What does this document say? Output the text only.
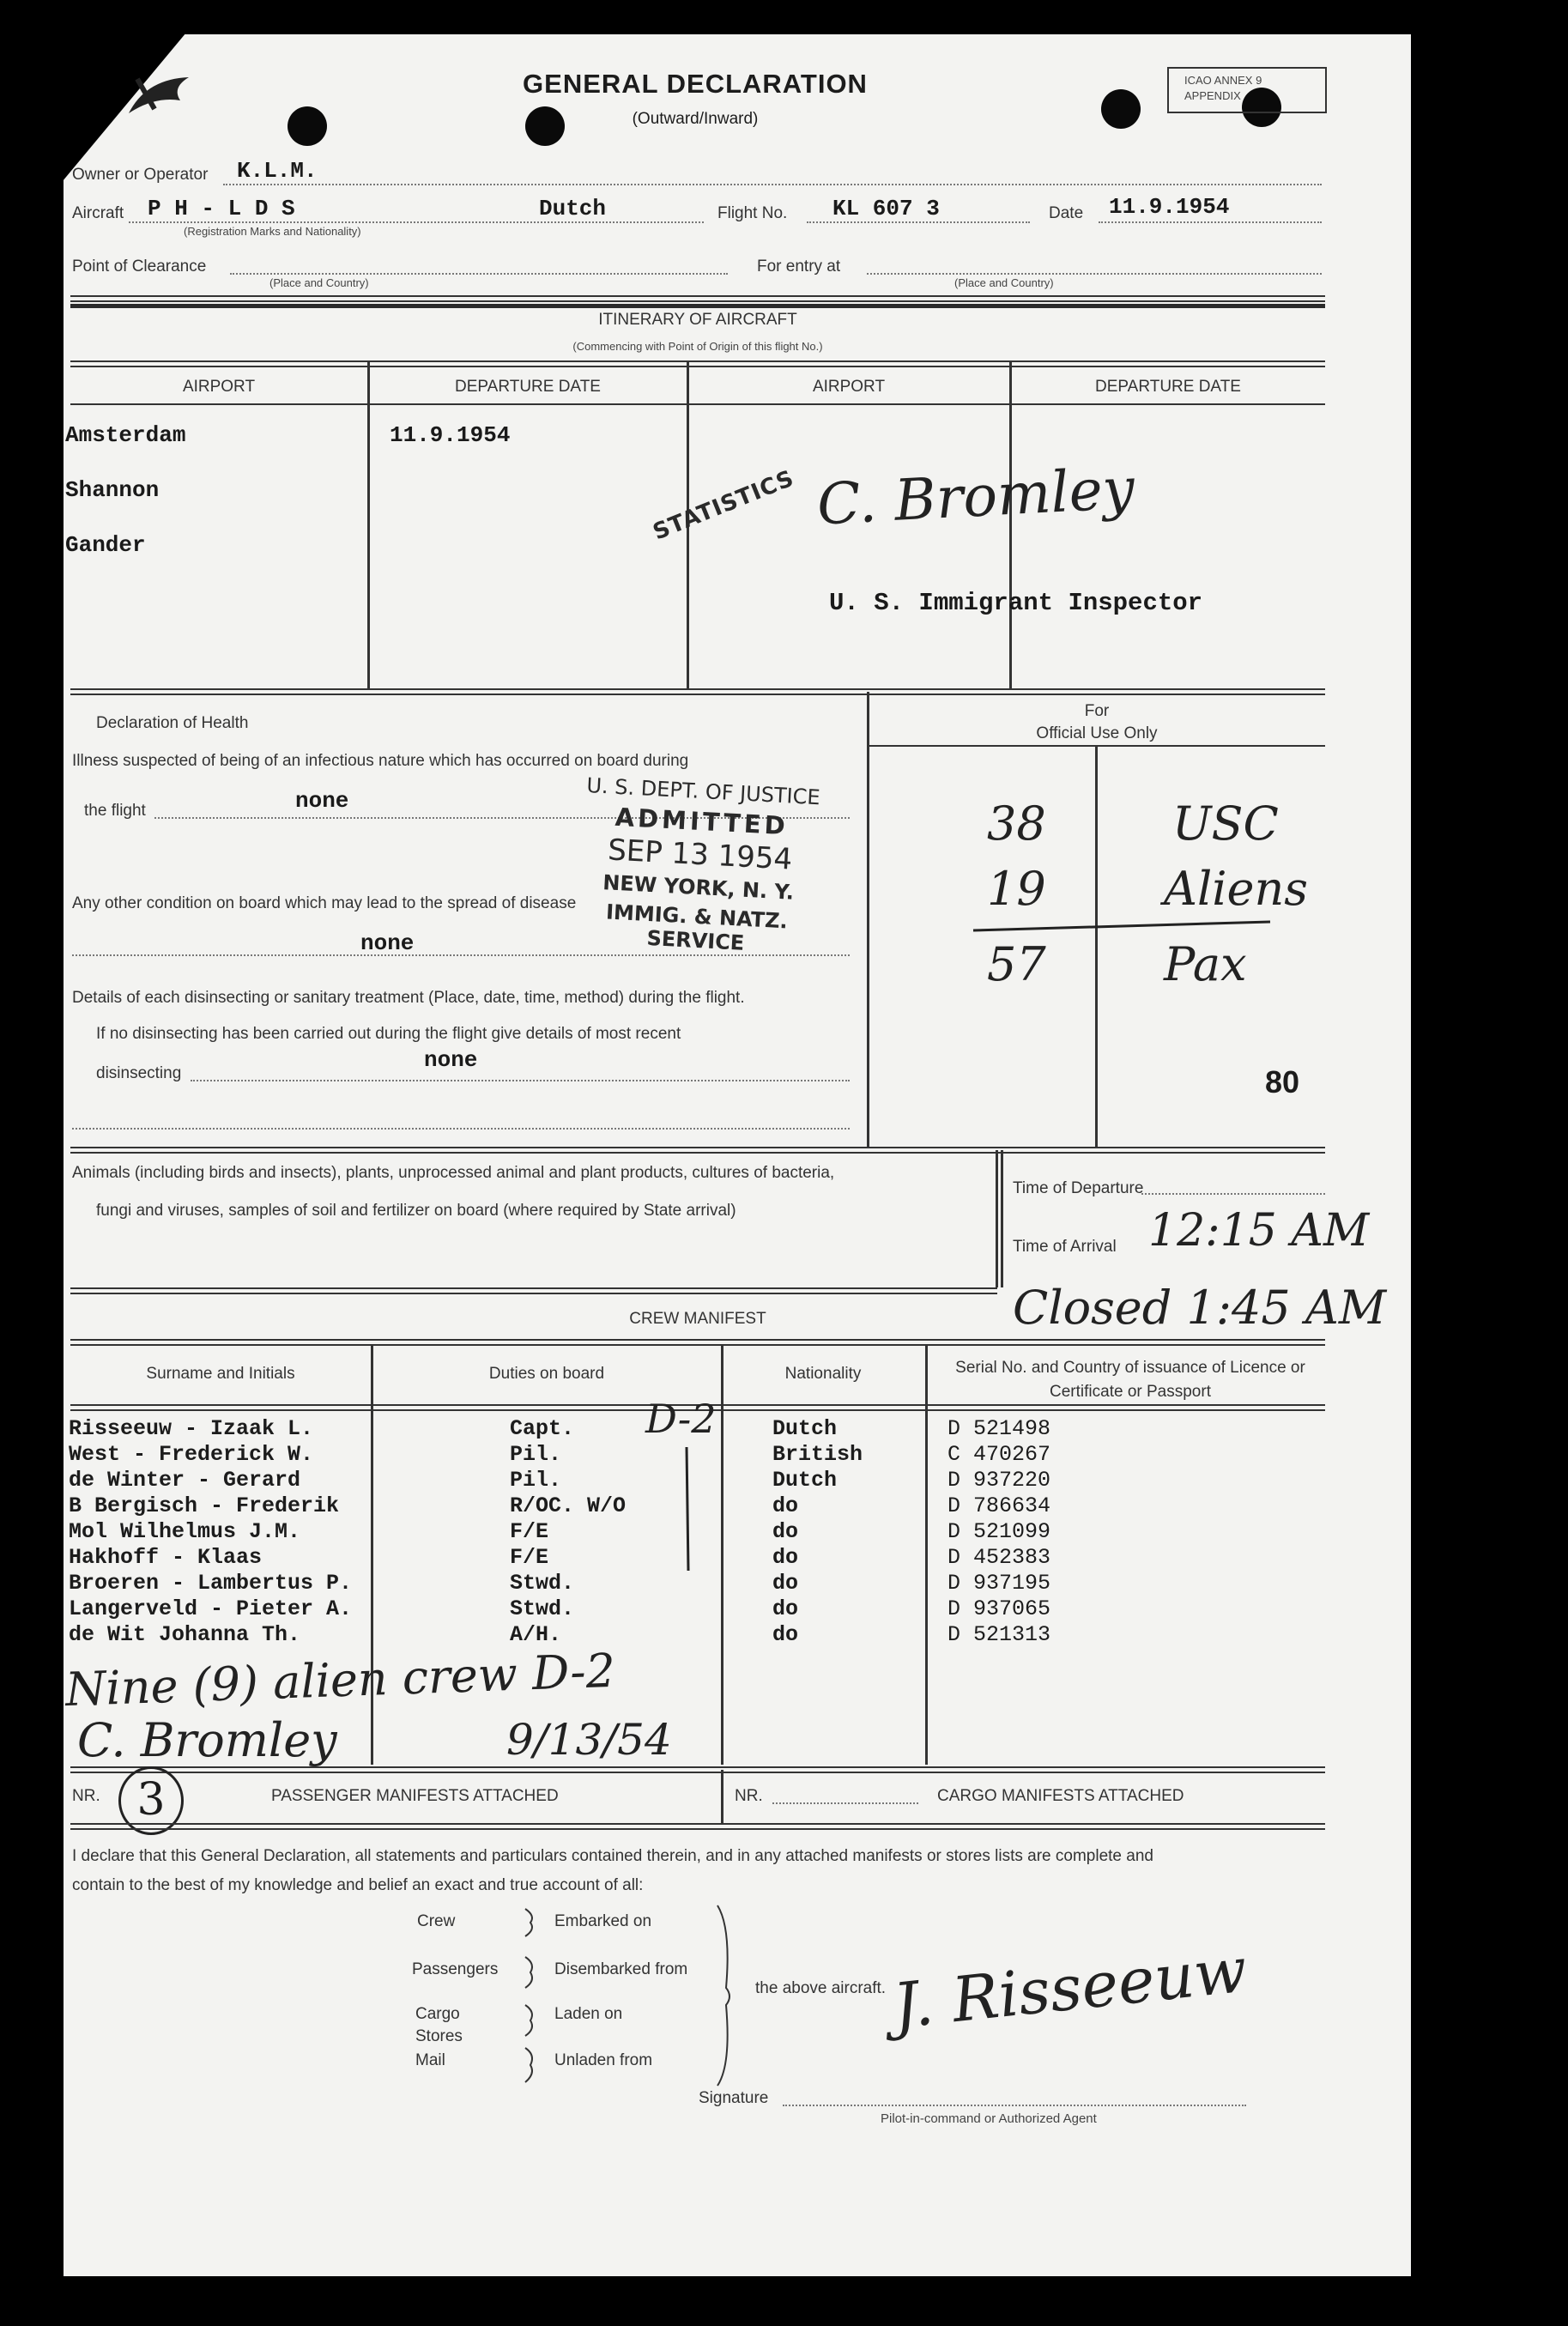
GENERAL DECLARATION
(Outward/Inward)
ICAO ANNEX 9
APPENDIX
Owner or Operator K.L.M.
Aircraft P H - L D S
(Registration Marks and Nationality)
Dutch	Flight No. KL 607 3	Date 11.9.1954
Point of Clearance
(Place and Country)
For entry at
(Place and Country)
ITINERARY OF AIRCRAFT
(Commencing with Point of Origin of this flight No.)
AIRPORT	DEPARTURE DATE	AIRPORT	DEPARTURE DATE
Amsterdam
Shannon
Gander
11.9.1954
STATISTICS C. Bromley
U. S. Immigrant Inspector
Declaration of Health
Illness suspected of being of an infectious nature which has occurred on board during
the flight	none
Any other condition on board which may lead to the spread of disease
none
Details of each disinsecting or sanitary treatment (Place, date, time, method) during the flight.
If no disinsecting has been carried out during the flight give details of most recent
disinsecting
none
U. S. DEPT. OF JUSTICE
ADMITTED
SEP 13 1954
NEW YORK, N. Y.
IMMIG. & NATZ. SERVICE
For
Official Use Only
38	USC
19	Aliens
57	Pax
80
Animals (including birds and insects), plants, unprocessed animal and plant products, cultures of bacteria,
fungi and viruses, samples of soil and fertilizer on board (where required by State arrival)
Time of Departure
Time of Arrival 12:15 AM
Closed 1:45 AM
CREW MANIFEST
Surname and Initials	Duties on board	Nationality	Serial No. and Country of issuance of Licence or Certificate or Passport
Risseeuw - Izaak L.	Capt.	Dutch	D 521498
West - Frederick W.	Pil.	British	C 470267
de Winter - Gerard	Pil.	Dutch	D 937220
B Bergisch - Frederik	R/OC. W/O	do	D 786634
Mol Wilhelmus J.M.	F/E	do	D 521099
Hakhoff - Klaas	F/E	do	D 452383
Broeren - Lambertus P.	Stwd.	do	D 937195
Langerveld - Pieter A.	Stwd.	do	D 937065
de Wit Johanna Th.	A/H.	do	D 521313
D-2
Nine (9) alien crew D-2
C. Bromley	9/13/54
NR. 3	PASSENGER MANIFESTS ATTACHED	NR.	CARGO MANIFESTS ATTACHED
I declare that this General Declaration, all statements and particulars contained therein, and in any attached manifests or stores lists are complete and
contain to the best of my knowledge and belief an exact and true account of all:
Crew
Passengers
Cargo
Stores
Mail
Embarked on
Disembarked from
Laden on
Unladen from
the above aircraft. J. Risseeuw
Signature
Pilot-in-command or Authorized Agent
